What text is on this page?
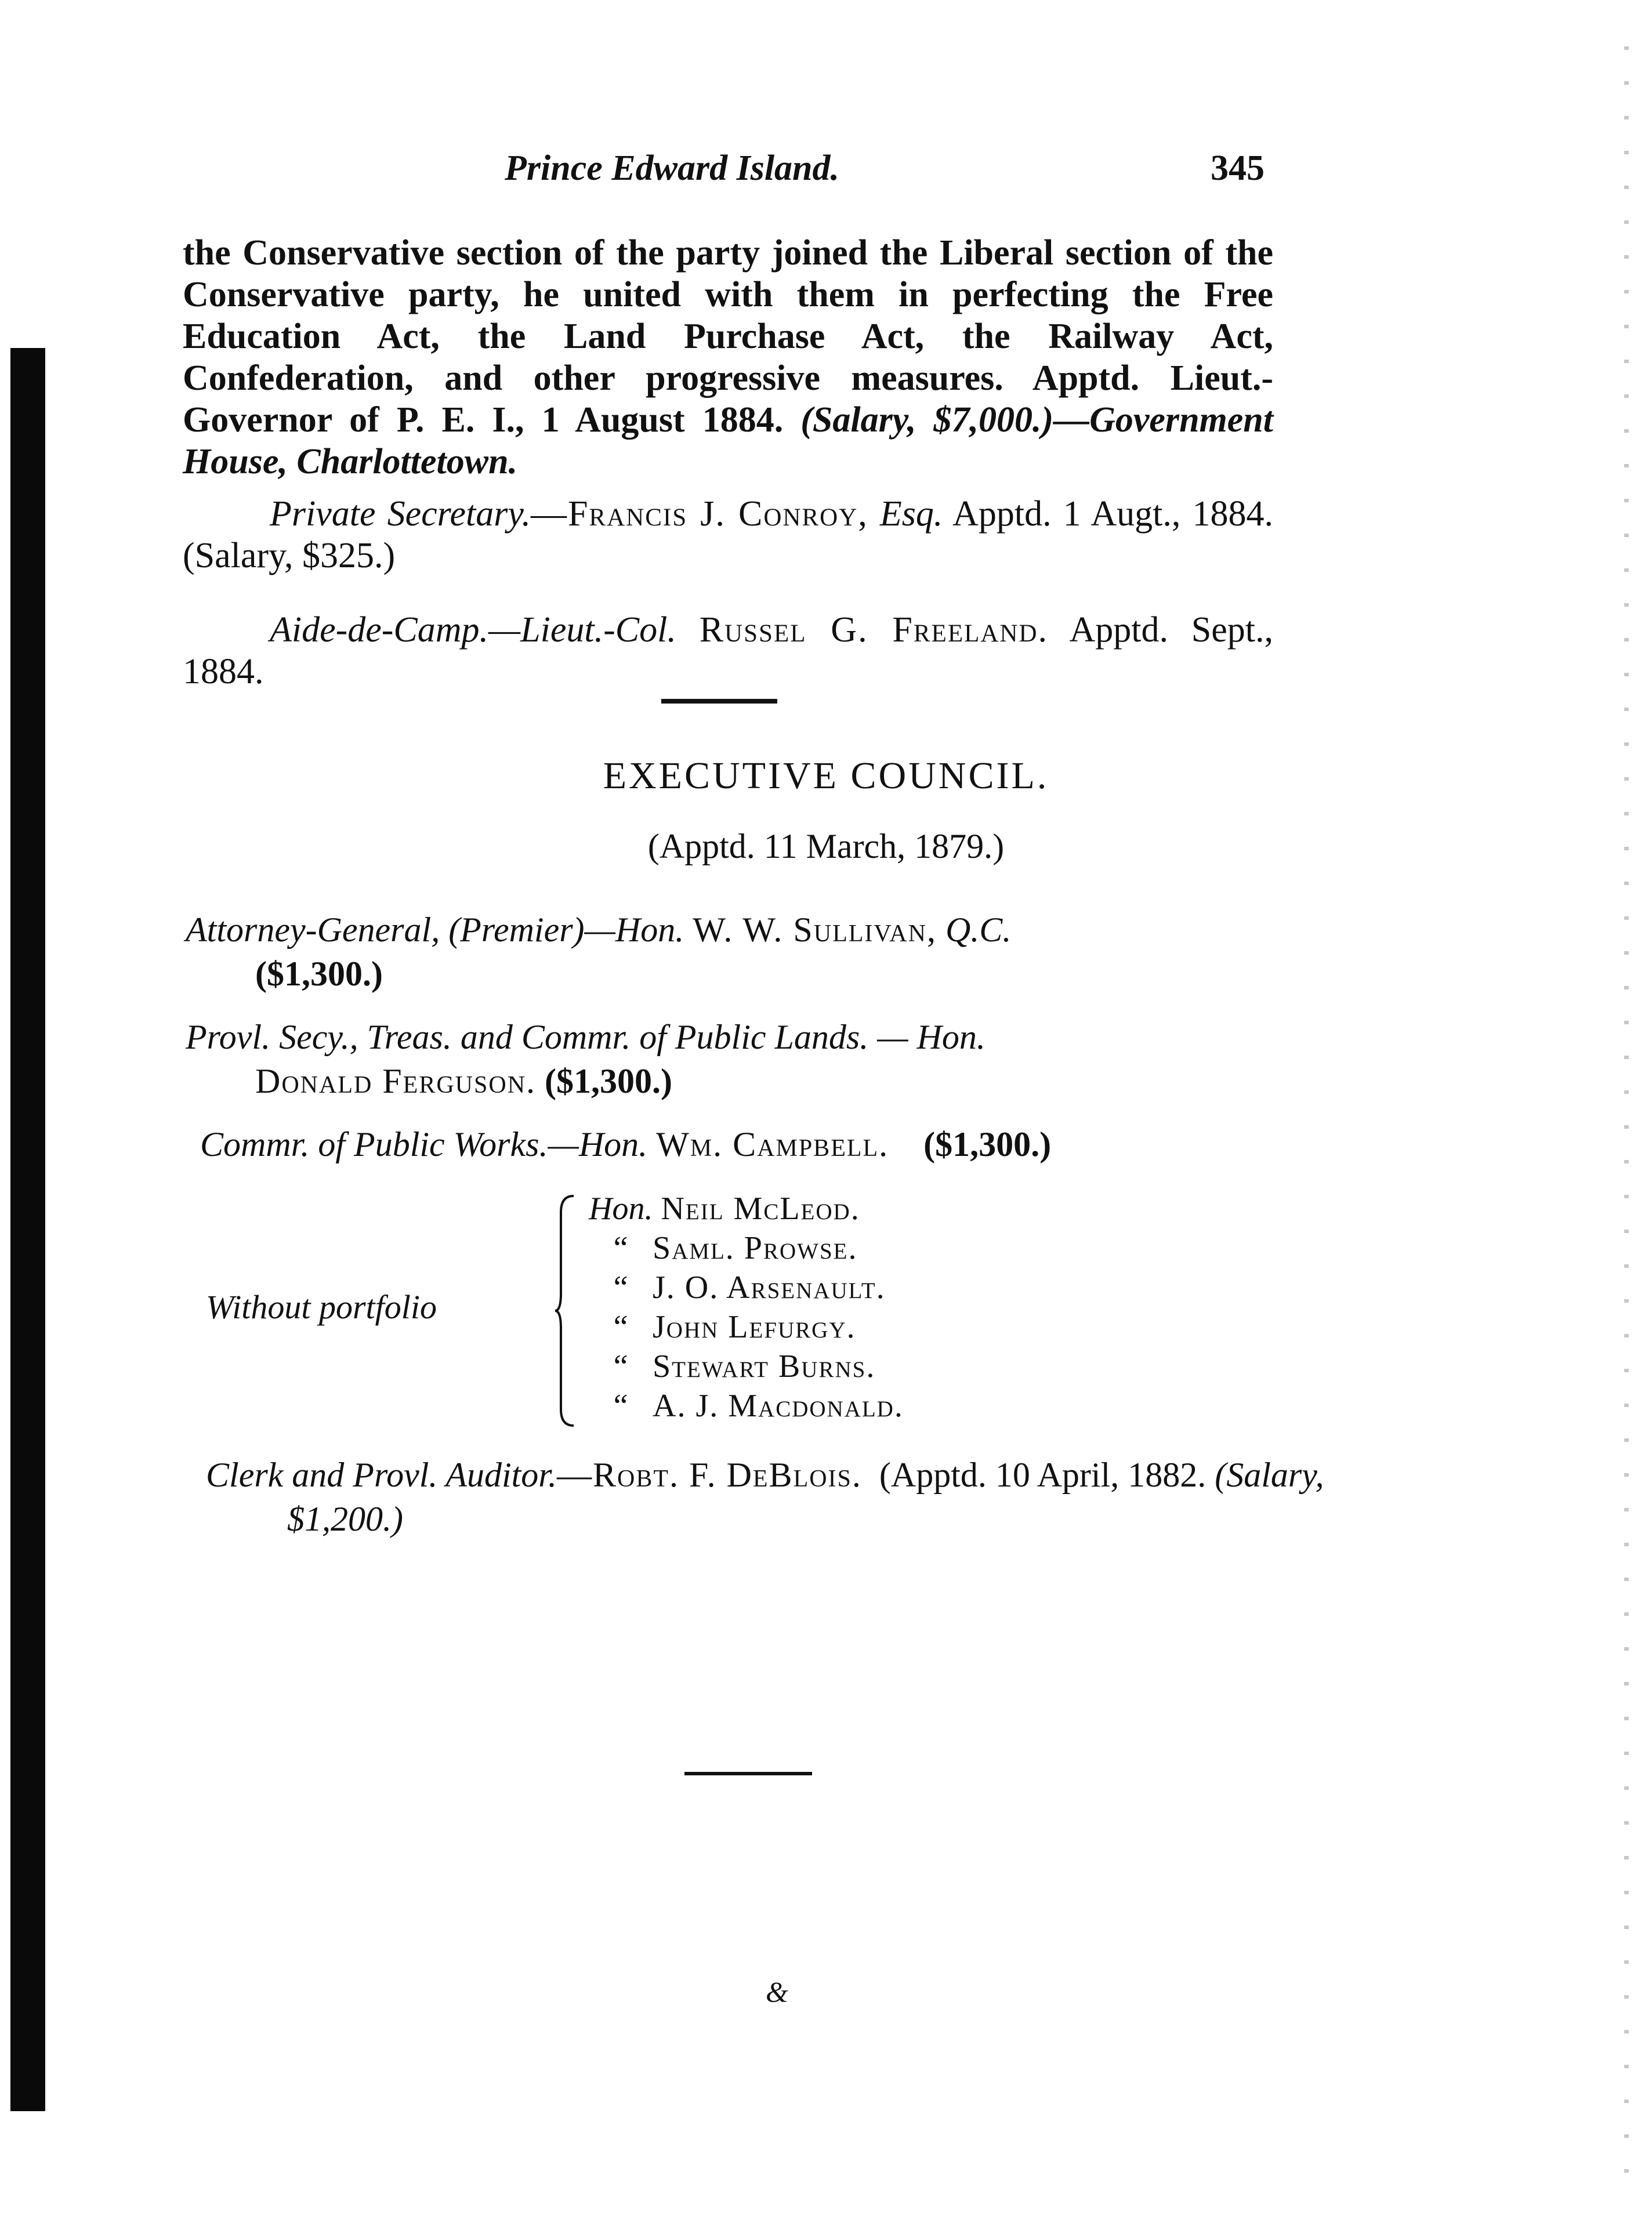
Prince Edward Island.	345
the Conservative section of the party joined the Liberal section of the Conservative party, he united with them in perfecting the Free Education Act, the Land Purchase Act, the Railway Act, Confederation, and other progressive measures. Apptd. Lieut.-Governor of P. E. I., 1 August 1884. (Salary, $7,000.)—Government House, Charlottetown.
Private Secretary.—Francis J. Conroy, Esq. Apptd. 1 Augt., 1884. (Salary, $325.)
Aide-de-Camp.—Lieut.-Col. Russel G. Freeland. Apptd. Sept., 1884.
EXECUTIVE COUNCIL.
(Apptd. 11 March, 1879.)
Attorney-General, (Premier)—Hon. W. W. Sullivan, Q.C.
($1,300.)
Provl. Secy., Treas. and Commr. of Public Lands. — Hon.
Donald Ferguson. ($1,300.)
Commr. of Public Works.—Hon. Wm. Campbell. ($1,300.)
Without portfolio
Hon. Neil McLeod.
“ Saml. Prowse.
“ J. O. Arsenault.
“ John Lefurgy.
“ Stewart Burns.
“ A. J. Macdonald.
Clerk and Provl. Auditor.—Robt. F. DeBlois. (Apptd. 10 April, 1882. (Salary, $1,200.)
&
